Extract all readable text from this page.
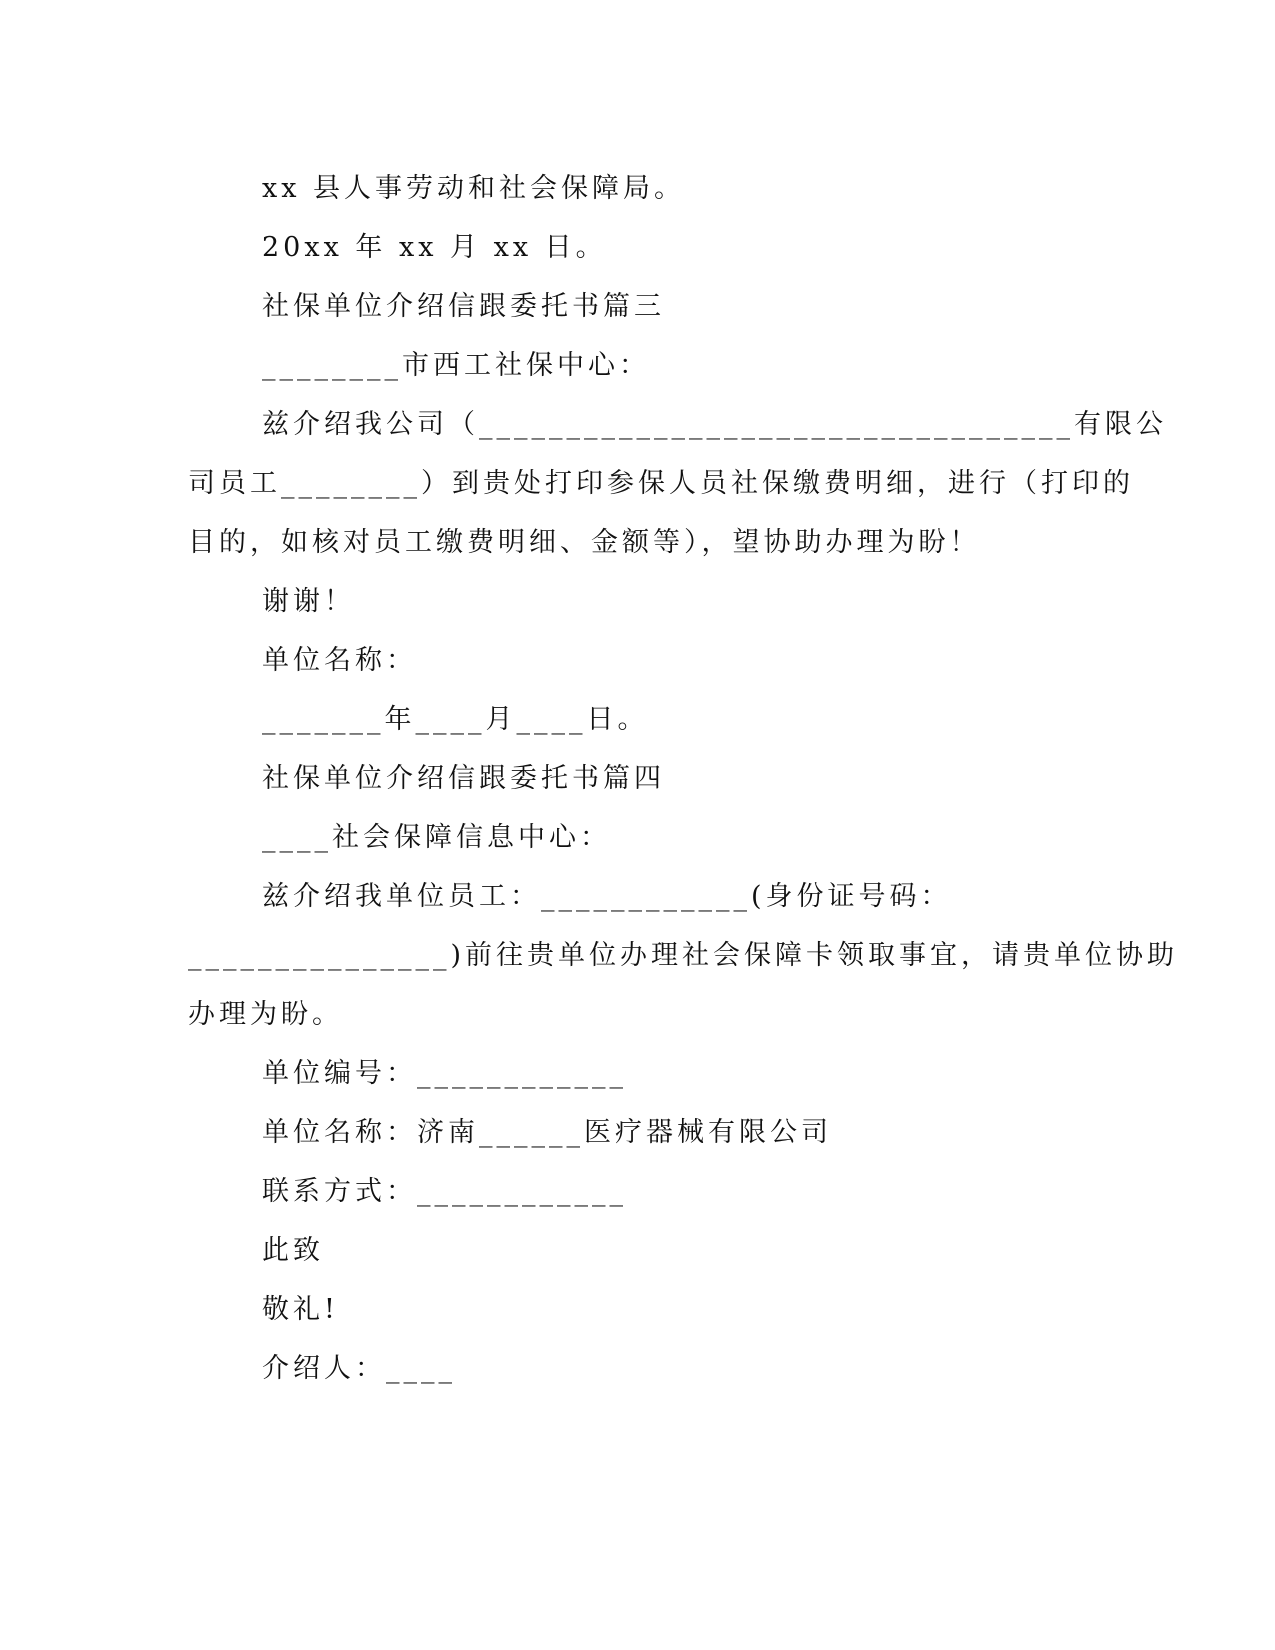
xx 县人事劳动和社会保障局。
20xx 年 xx 月 xx 日。
社保单位介绍信跟委托书篇三
________市西工社保中心：
兹介绍我公司（__________________________________有限公
司员工________）到贵处打印参保人员社保缴费明细，进行（打印的
目的，如核对员工缴费明细、金额等），望协助办理为盼！
谢谢！
单位名称：
_______年____月____日。
社保单位介绍信跟委托书篇四
____社会保障信息中心：
兹介绍我单位员工：____________(身份证号码：
_______________)前往贵单位办理社会保障卡领取事宜，请贵单位协助
办理为盼。
单位编号：____________
单位名称：济南______医疗器械有限公司
联系方式：____________
此致
敬礼!
介绍人：____
